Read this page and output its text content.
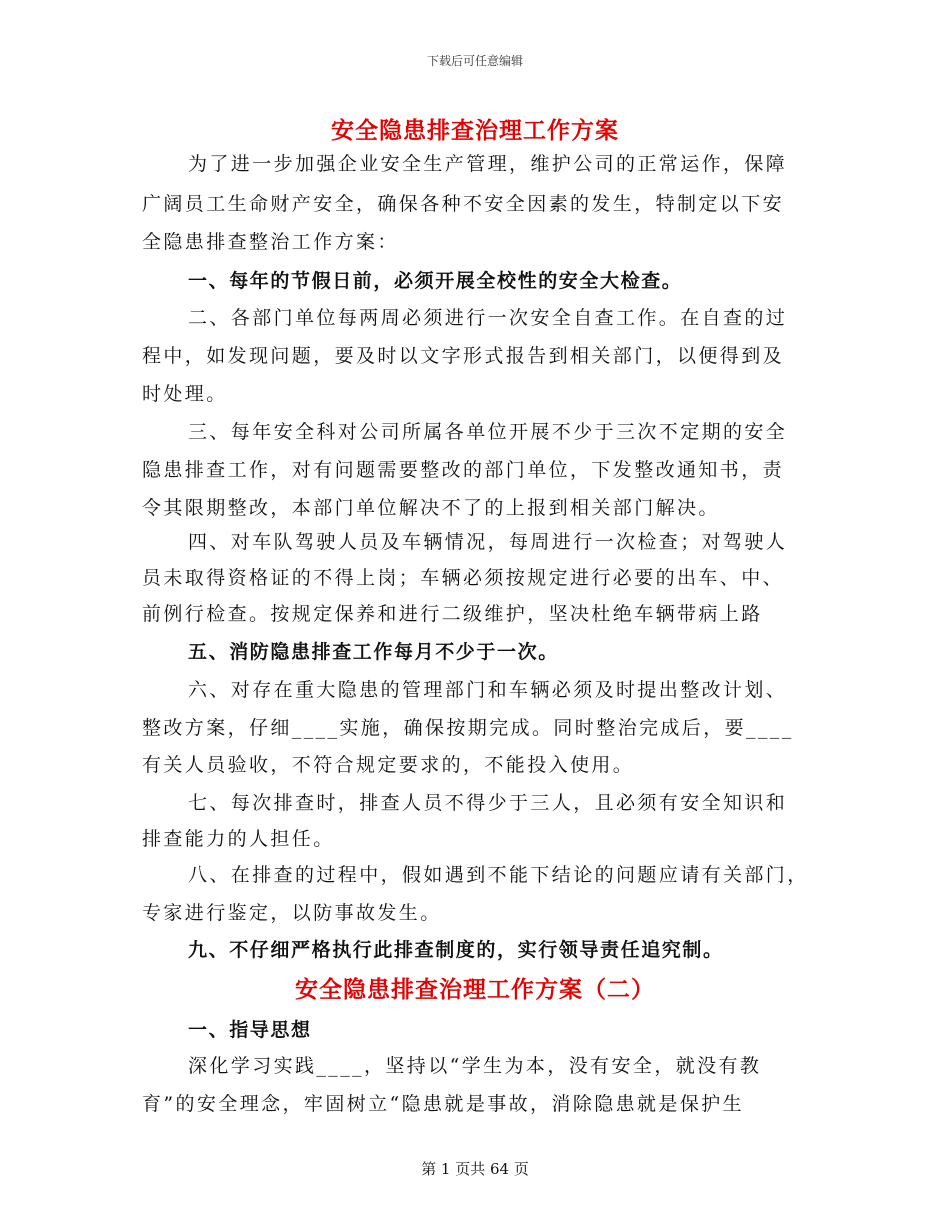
下载后可任意编辑
安全隐患排查治理工作方案
为了进一步加强企业安全生产管理，维护公司的正常运作，保障
广阔员工生命财产安全，确保各种不安全因素的发生，特制定以下安
全隐患排查整治工作方案：
一、每年的节假日前，必须开展全校性的安全大检查。
二、各部门单位每两周必须进行一次安全自查工作。在自查的过
程中，如发现问题，要及时以文字形式报告到相关部门，以便得到及
时处理。
三、每年安全科对公司所属各单位开展不少于三次不定期的安全
隐患排查工作，对有问题需要整改的部门单位，下发整改通知书，责
令其限期整改，本部门单位解决不了的上报到相关部门解决。
四、对车队驾驶人员及车辆情况，每周进行一次检查；对驾驶人
员未取得资格证的不得上岗；车辆必须按规定进行必要的出车、中、
前例行检查。按规定保养和进行二级维护，坚决杜绝车辆带病上路
五、消防隐患排查工作每月不少于一次。
六、对存在重大隐患的管理部门和车辆必须及时提出整改计划、
整改方案，仔细____实施，确保按期完成。同时整治完成后，要____
有关人员验收，不符合规定要求的，不能投入使用。
七、每次排查时，排查人员不得少于三人，且必须有安全知识和
排查能力的人担任。
八、在排查的过程中，假如遇到不能下结论的问题应请有关部门，
专家进行鉴定，以防事故发生。
九、不仔细严格执行此排查制度的，实行领导责任追究制。
安全隐患排查治理工作方案（二）
一、指导思想
深化学习实践____，坚持以“学生为本，没有安全，就没有教
育”的安全理念，牢固树立“隐患就是事故，消除隐患就是保护生
第 1 页共 64 页
